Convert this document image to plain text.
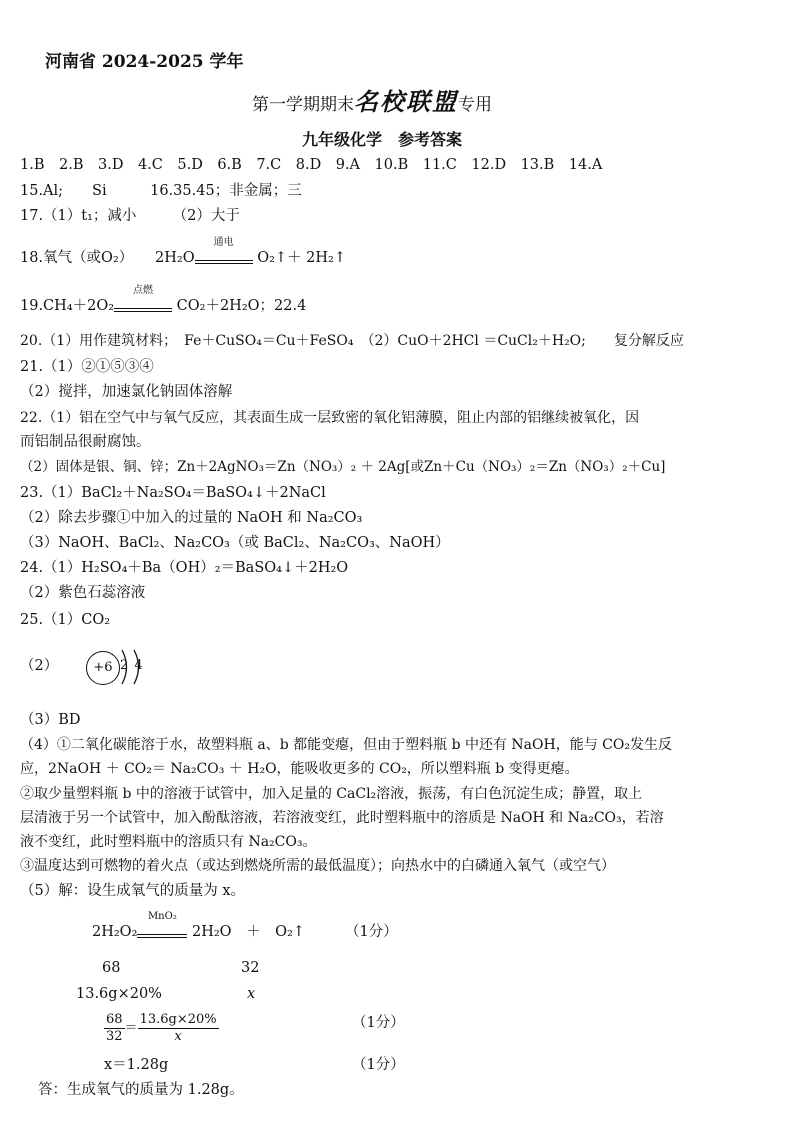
河南省 2024-2025 学年
第一学期期末名校联盟专用
九年级化学　参考答案
1.B　2.B　3.D　4.C　5.D　6.B　7.C　8.D　9.A　10.B　11.C　12.D　13.B　14.A
15.Al;　　Si　　　16.35.45；非金属；三
17.（1）t₁；减小　　　（2）大于
18.氧气（或O₂）　　2H₂O
通电

O₂↑＋ 2H₂↑
19.CH₄＋2O₂
点燃

CO₂＋2H₂O；22.4
20.（1）用作建筑材料；　Fe＋CuSO₄＝Cu＋FeSO₄　（2）CuO＋2HCl ＝CuCl₂＋H₂O;　　复分解反应
21.（1）②①⑤③④
（2）搅拌，加速氯化钠固体溶解
22.（1）铝在空气中与氧气反应，其表面生成一层致密的氧化铝薄膜，阻止内部的铝继续被氧化，因
而铝制品很耐腐蚀。
（2）固体是银、铜、锌；Zn＋2AgNO₃＝Zn（NO₃）₂ ＋ 2Ag[或Zn＋Cu（NO₃）₂＝Zn（NO₃）₂＋Cu]
23.（1）BaCl₂＋Na₂SO₄＝BaSO₄↓＋2NaCl
（2）除去步骤①中加入的过量的 NaOH 和 Na₂CO₃
（3）NaOH、BaCl₂、Na₂CO₃（或 BaCl₂、Na₂CO₃、NaOH）
24.（1）H₂SO₄＋Ba（OH）₂＝BaSO₄↓＋2H₂O
（2）紫色石蕊溶液
25.（1）CO₂
（2）	+6 2 4
（3）BD
（4）①二氧化碳能溶于水，故塑料瓶 a、b 都能变瘪，但由于塑料瓶 b 中还有 NaOH，能与 CO₂发生反
应，2NaOH ＋ CO₂＝ Na₂CO₃ ＋ H₂O，能吸收更多的 CO₂，所以塑料瓶 b 变得更瘪。
②取少量塑料瓶 b 中的溶液于试管中，加入足量的 CaCl₂溶液，振荡，有白色沉淀生成；静置，取上
层清液于另一个试管中，加入酚酞溶液，若溶液变红，此时塑料瓶中的溶质是 NaOH 和 Na₂CO₃，若溶
液不变红，此时塑料瓶中的溶质只有 Na₂CO₃。
③温度达到可燃物的着火点（或达到燃烧所需的最低温度）；向热水中的白磷通入氧气（或空气）
（5）解：设生成氧气的质量为 x。
2H₂O₂
MnO₂

2H₂O　＋　O₂↑	（1分）
68	32
13.6g×20%	x
$\frac{68}{32} = \frac{13.6g\times 20\%}{x}$	（1分）
x＝1.28g	（1分）
答：生成氧气的质量为 1.28g。
